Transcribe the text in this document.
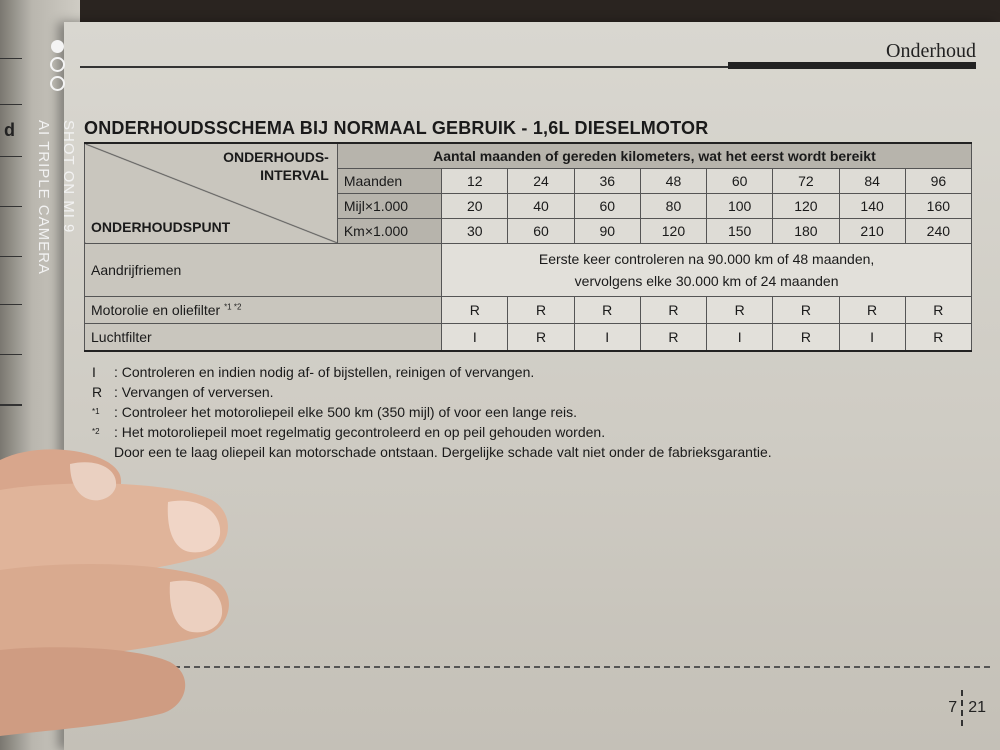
d
Onderhoud
ONDERHOUDSSCHEMA BIJ NORMAAL GEBRUIK - 1,6L DIESELMOTOR
ONDERHOUDS-
INTERVAL
ONDERHOUDSPUNT	Aantal maanden of gereden kilometers, wat het eerst wordt bereikt								
	Maanden	12	24	36	48	60	72	84	96
	Mijl×1.000	20	40	60	80	100	120	140	160
	Km×1.000	30	60	90	120	150	180	210	240
Aandrijfriemen		Eerste keer controleren na 90.000 km of 48 maanden,
vervolgens elke 30.000 km of 24 maanden							

Motorolie en oliefilter $^{*1 *2}$		R	R	R	R	R	R	R	R
Luchtfilter		I	R	I	R	I	R	I	R
I	: Controleren en indien nodig af- of bijstellen, reinigen of vervangen.
R : Vervangen of verversen.
*1	: Controleer het motoroliepeil elke 500 km (350 mijl) of voor een lange reis.
*2	: Het motoroliepeil moet regelmatig gecontroleerd en op peil gehouden worden.
Door een te laag oliepeil kan motorschade ontstaan. Dergelijke schade valt niet onder de fabrieksgarantie.
7 21
SHOT ON MI 9
AI TRIPLE CAMERA
